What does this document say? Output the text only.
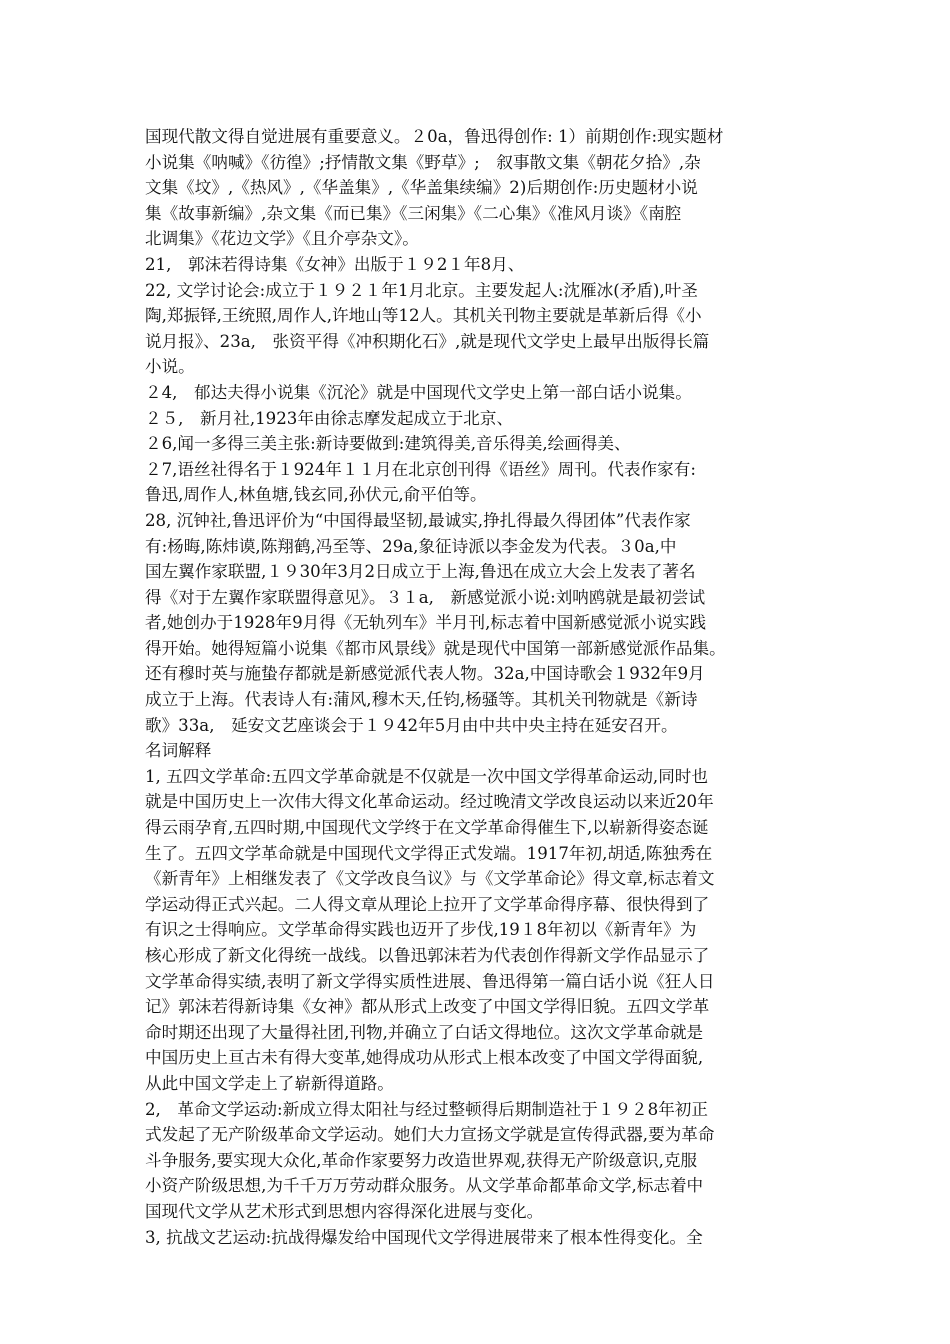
国现代散文得自觉进展有重要意义。２0a，鲁迅得创作: 1）前期创作:现实题材
小说集《呐喊》《彷徨》;抒情散文集《野草》;　叙事散文集《朝花夕拾》,杂
文集《坟》,《热风》,《华盖集》,《华盖集续编》2)后期创作:历史题材小说
集《故事新编》,杂文集《而已集》《三闲集》《二心集》《准风月谈》《南腔
北调集》《花边文学》《且介亭杂文》。
21,　郭沫若得诗集《女神》出版于１９2１年8月、
22, 文学讨论会:成立于１９２１年1月北京。主要发起人:沈雁冰(矛盾),叶圣
陶,郑振铎,王统照,周作人,许地山等12人。其机关刊物主要就是革新后得《小
说月报》、23a,　张资平得《冲积期化石》,就是现代文学史上最早出版得长篇
小说。
２4,　郁达夫得小说集《沉沦》就是中国现代文学史上第一部白话小说集。
２５,　新月社,1923年由徐志摩发起成立于北京、
２6,闻一多得三美主张:新诗要做到:建筑得美,音乐得美,绘画得美、
２7,语丝社得名于１924年１１月在北京创刊得《语丝》周刊。代表作家有:
鲁迅,周作人,林鱼塘,钱玄同,孙伏元,俞平伯等。
28, 沉钟社,鲁迅评价为“中国得最坚韧,最诚实,挣扎得最久得团体”代表作家
有:杨晦,陈炜谟,陈翔鹤,冯至等、29a,象征诗派以李金发为代表。３0a,中
国左翼作家联盟,１９30年3月2日成立于上海,鲁迅在成立大会上发表了著名
得《对于左翼作家联盟得意见》。３１a,　新感觉派小说:刘呐鸥就是最初尝试
者,她创办于1928年9月得《无轨列车》半月刊,标志着中国新感觉派小说实践
得开始。她得短篇小说集《都市风景线》就是现代中国第一部新感觉派作品集。
还有穆时英与施蛰存都就是新感觉派代表人物。32a,中国诗歌会１932年9月
成立于上海。代表诗人有:蒲风,穆木天,任钧,杨骚等。其机关刊物就是《新诗
歌》33a,　延安文艺座谈会于１９42年5月由中共中央主持在延安召开。
名词解释
1, 五四文学革命:五四文学革命就是不仅就是一次中国文学得革命运动,同时也
就是中国历史上一次伟大得文化革命运动。经过晚清文学改良运动以来近20年
得云雨孕育,五四时期,中国现代文学终于在文学革命得催生下,以崭新得姿态诞
生了。五四文学革命就是中国现代文学得正式发端。1917年初,胡适,陈独秀在
《新青年》上相继发表了《文学改良刍议》与《文学革命论》得文章,标志着文
学运动得正式兴起。二人得文章从理论上拉开了文学革命得序幕、很快得到了
有识之士得响应。文学革命得实践也迈开了步伐,19１8年初以《新青年》为
核心形成了新文化得统一战线。以鲁迅郭沫若为代表创作得新文学作品显示了
文学革命得实绩,表明了新文学得实质性进展、鲁迅得第一篇白话小说《狂人日
记》郭沫若得新诗集《女神》都从形式上改变了中国文学得旧貌。五四文学革
命时期还出现了大量得社团,刊物,并确立了白话文得地位。这次文学革命就是
中国历史上亘古未有得大变革,她得成功从形式上根本改变了中国文学得面貌,
从此中国文学走上了崭新得道路。
2,　革命文学运动:新成立得太阳社与经过整顿得后期制造社于１９２8年初正
式发起了无产阶级革命文学运动。她们大力宣扬文学就是宣传得武器,要为革命
斗争服务,要实现大众化,革命作家要努力改造世界观,获得无产阶级意识,克服
小资产阶级思想,为千千万万劳动群众服务。从文学革命都革命文学,标志着中
国现代文学从艺术形式到思想内容得深化进展与变化。
3, 抗战文艺运动:抗战得爆发给中国现代文学得进展带来了根本性得变化。全
